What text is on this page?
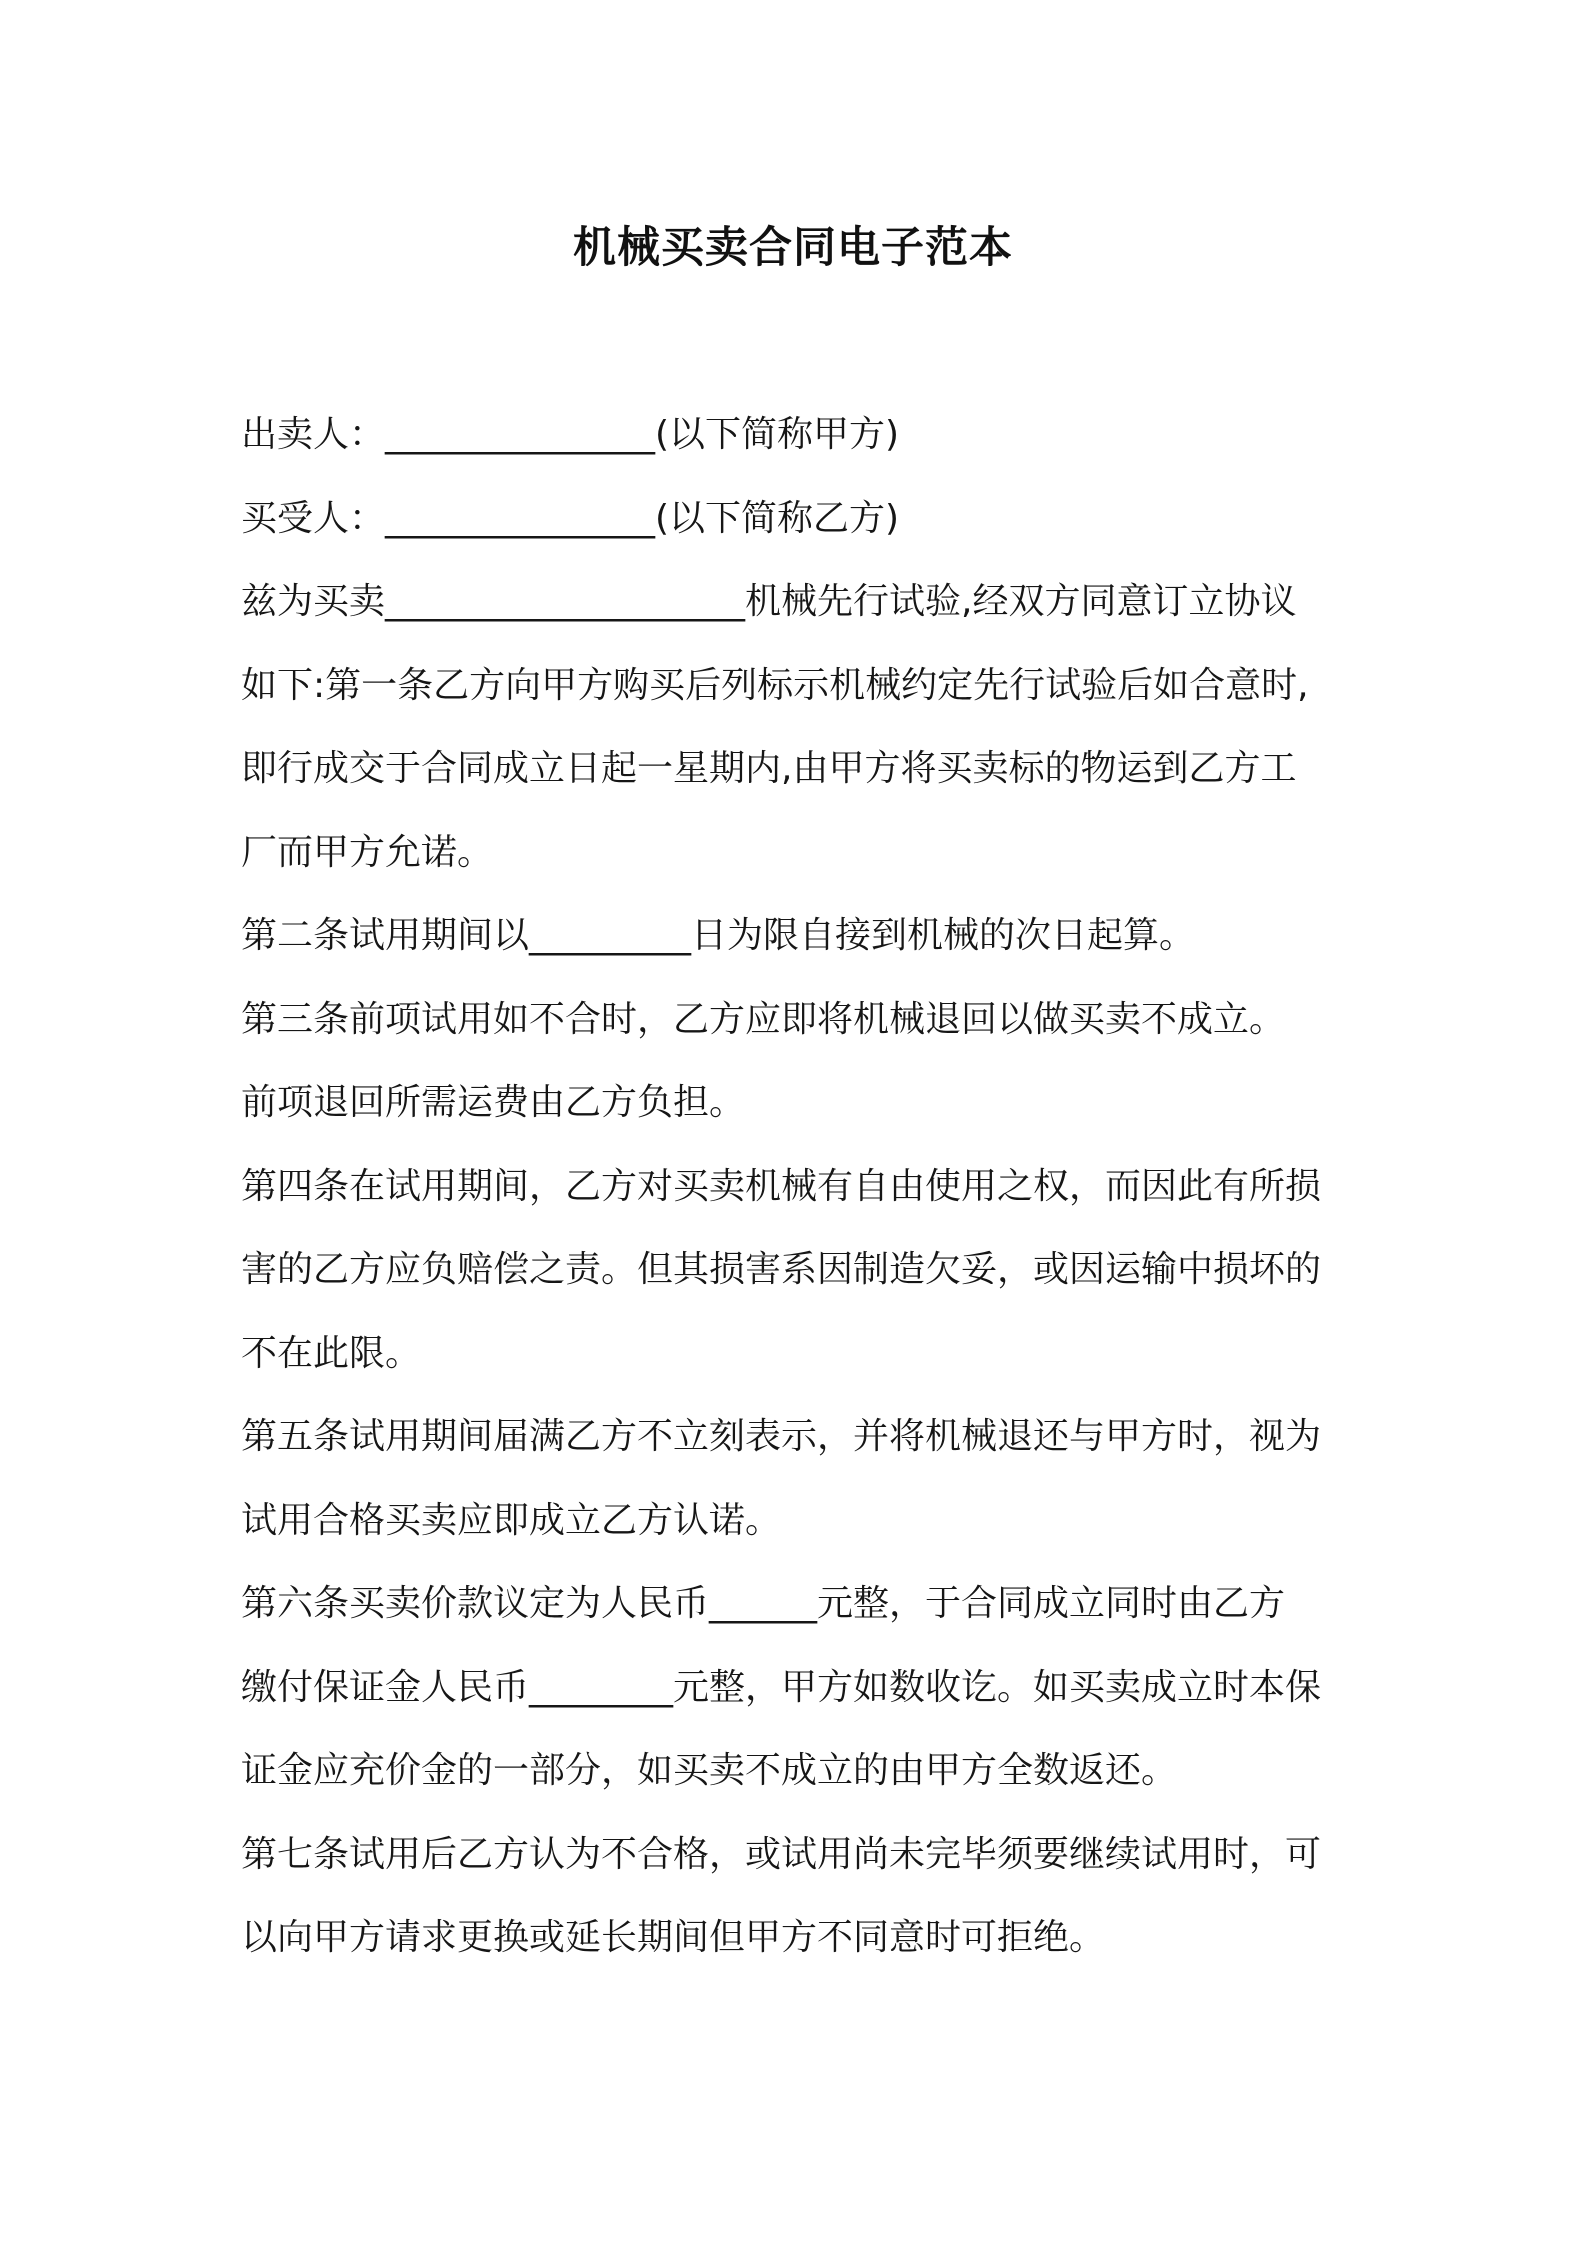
机械买卖合同电子范本
出卖人：_______________(以下简称甲方)
买受人：_______________(以下简称乙方)
兹为买卖____________________机械先行试验,经双方同意订立协议
如下:第一条乙方向甲方购买后列标示机械约定先行试验后如合意时,
即行成交于合同成立日起一星期内,由甲方将买卖标的物运到乙方工
厂而甲方允诺。
第二条试用期间以_________日为限自接到机械的次日起算。
第三条前项试用如不合时，乙方应即将机械退回以做买卖不成立。
前项退回所需运费由乙方负担。
第四条在试用期间，乙方对买卖机械有自由使用之权，而因此有所损
害的乙方应负赔偿之责。但其损害系因制造欠妥，或因运输中损坏的
不在此限。
第五条试用期间届满乙方不立刻表示，并将机械退还与甲方时，视为
试用合格买卖应即成立乙方认诺。
第六条买卖价款议定为人民币______元整，于合同成立同时由乙方
缴付保证金人民币________元整，甲方如数收讫。如买卖成立时本保
证金应充价金的一部分，如买卖不成立的由甲方全数返还。
第七条试用后乙方认为不合格，或试用尚未完毕须要继续试用时，可
以向甲方请求更换或延长期间但甲方不同意时可拒绝。
